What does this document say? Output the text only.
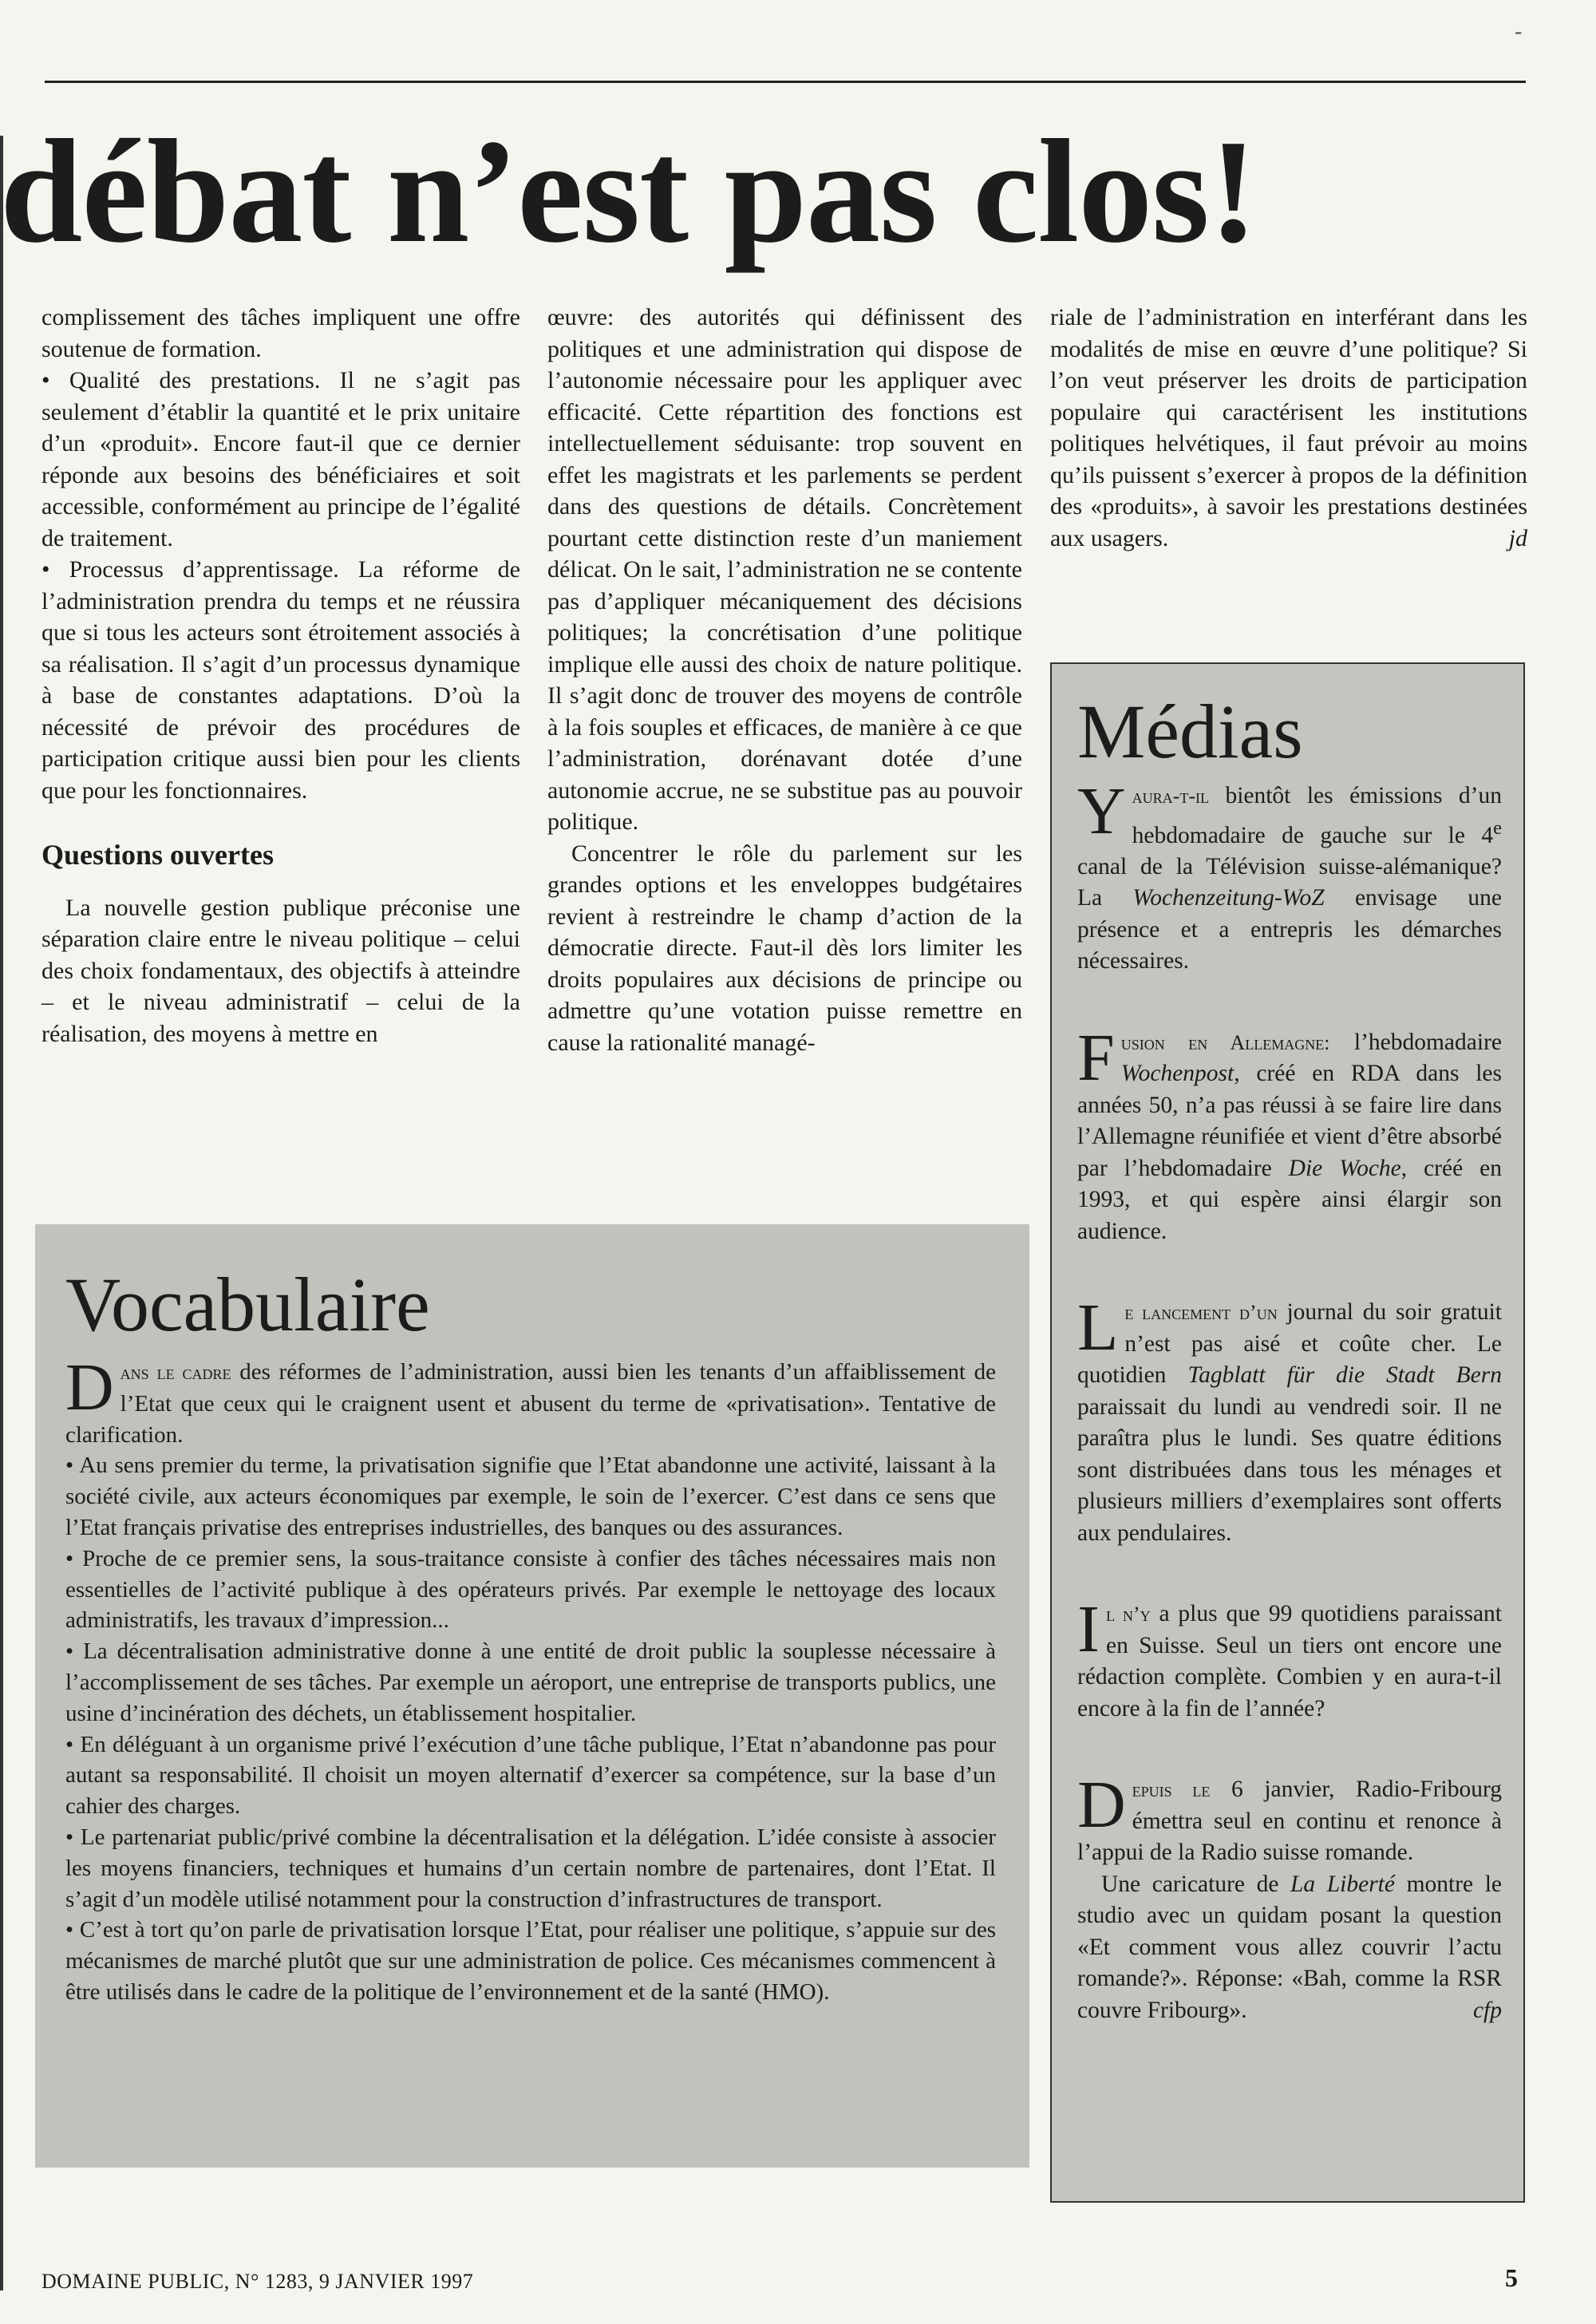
-
débat n’est pas clos!

complissement des tâches impliquent une offre soutenue de formation.

• Qualité des prestations. Il ne s’agit pas seulement d’établir la quantité et le prix unitaire d’un «produit». Encore faut-il que ce dernier réponde aux besoins des bénéficiaires et soit accessible, conformément au principe de l’égalité de traitement.

• Processus d’apprentissage. La réforme de l’administration prendra du temps et ne réussira que si tous les acteurs sont étroitement associés à sa réalisation. Il s’agit d’un processus dynamique à base de constantes adaptations. D’où la nécessité de prévoir des procédures de participation critique aussi bien pour les clients que pour les fonctionnaires.

Questions ouvertes

La nouvelle gestion publique préconise une séparation claire entre le niveau politique – celui des choix fondamentaux, des objectifs à atteindre – et le niveau administratif – celui de la réalisation, des moyens à mettre en

œuvre: des autorités qui définissent des politiques et une administration qui dispose de l’autonomie nécessaire pour les appliquer avec efficacité. Cette répartition des fonctions est intellectuellement séduisante: trop souvent en effet les magistrats et les parlements se perdent dans des questions de détails. Concrètement pourtant cette distinction reste d’un maniement délicat. On le sait, l’administration ne se contente pas d’appliquer mécaniquement des décisions politiques; la concrétisation d’une politique implique elle aussi des choix de nature politique. Il s’agit donc de trouver des moyens de contrôle à la fois souples et efficaces, de manière à ce que l’administration, dorénavant dotée d’une autonomie accrue, ne se substitue pas au pouvoir politique.

Concentrer le rôle du parlement sur les grandes options et les enveloppes budgétaires revient à restreindre le champ d’action de la démocratie directe. Faut-il dès lors limiter les droits populaires aux décisions de principe ou admettre qu’une votation puisse remettre en cause la rationalité managé-

riale de l’administration en interférant dans les modalités de mise en œuvre d’une politique? Si l’on veut préserver les droits de participation populaire qui caractérisent les institutions politiques helvétiques, il faut prévoir au moins qu’ils puissent s’exercer à propos de la définition des «produits», à savoir les prestations destinées aux usagers.	jd

Vocabulaire

Dans le cadre des réformes de l’administration, aussi bien les tenants d’un affaiblissement de l’Etat que ceux qui le craignent usent et abusent du terme de «privatisation». Tentative de clarification.

• Au sens premier du terme, la privatisation signifie que l’Etat abandonne une activité, laissant à la société civile, aux acteurs économiques par exemple, le soin de l’exercer. C’est dans ce sens que l’Etat français privatise des entreprises industrielles, des banques ou des assurances.

• Proche de ce premier sens, la sous-traitance consiste à confier des tâches nécessaires mais non essentielles de l’activité publique à des opérateurs privés. Par exemple le nettoyage des locaux administratifs, les travaux d’impression...

• La décentralisation administrative donne à une entité de droit public la souplesse nécessaire à l’accomplissement de ses tâches. Par exemple un aéroport, une entreprise de transports publics, une usine d’incinération des déchets, un établissement hospitalier.

• En déléguant à un organisme privé l’exécution d’une tâche publique, l’Etat n’abandonne pas pour autant sa responsabilité. Il choisit un moyen alternatif d’exercer sa compétence, sur la base d’un cahier des charges.

• Le partenariat public/privé combine la décentralisation et la délégation. L’idée consiste à associer les moyens financiers, techniques et humains d’un certain nombre de partenaires, dont l’Etat. Il s’agit d’un modèle utilisé notamment pour la construction d’infrastructures de transport.

• C’est à tort qu’on parle de privatisation lorsque l’Etat, pour réaliser une politique, s’appuie sur des mécanismes de marché plutôt que sur une administration de police. Ces mécanismes commencent à être utilisés dans le cadre de la politique de l’environnement et de la santé (HMO).

Médias

Yaura-t-il bientôt les émissions d’un hebdomadaire de gauche sur le 4e canal de la Télévision suisse-alémanique? La Wochenzeitung-WoZ envisage une présence et a entrepris les démarches nécessaires.

Fusion en Allemagne: l’hebdomadaire Wochenpost, créé en RDA dans les années 50, n’a pas réussi à se faire lire dans l’Allemagne réunifiée et vient d’être absorbé par l’hebdomadaire Die Woche, créé en 1993, et qui espère ainsi élargir son audience.

Le lancement d’un journal du soir gratuit n’est pas aisé et coûte cher. Le quotidien Tagblatt für die Stadt Bern paraissait du lundi au vendredi soir. Il ne paraîtra plus le lundi. Ses quatre éditions sont distribuées dans tous les ménages et plusieurs milliers d’exemplaires sont offerts aux pendulaires.

Il n’y a plus que 99 quotidiens paraissant en Suisse. Seul un tiers ont encore une rédaction complète. Combien y en aura-t-il encore à la fin de l’année?

Depuis le 6 janvier, Radio-Fribourg émettra seul en continu et renonce à l’appui de la Radio suisse romande.

Une caricature de La Liberté montre le studio avec un quidam posant la question «Et comment vous allez couvrir l’actu romande?». Réponse: «Bah, comme la RSR couvre Fribourg».	cfp

DOMAINE PUBLIC, N° 1283, 9 JANVIER 1997	5
